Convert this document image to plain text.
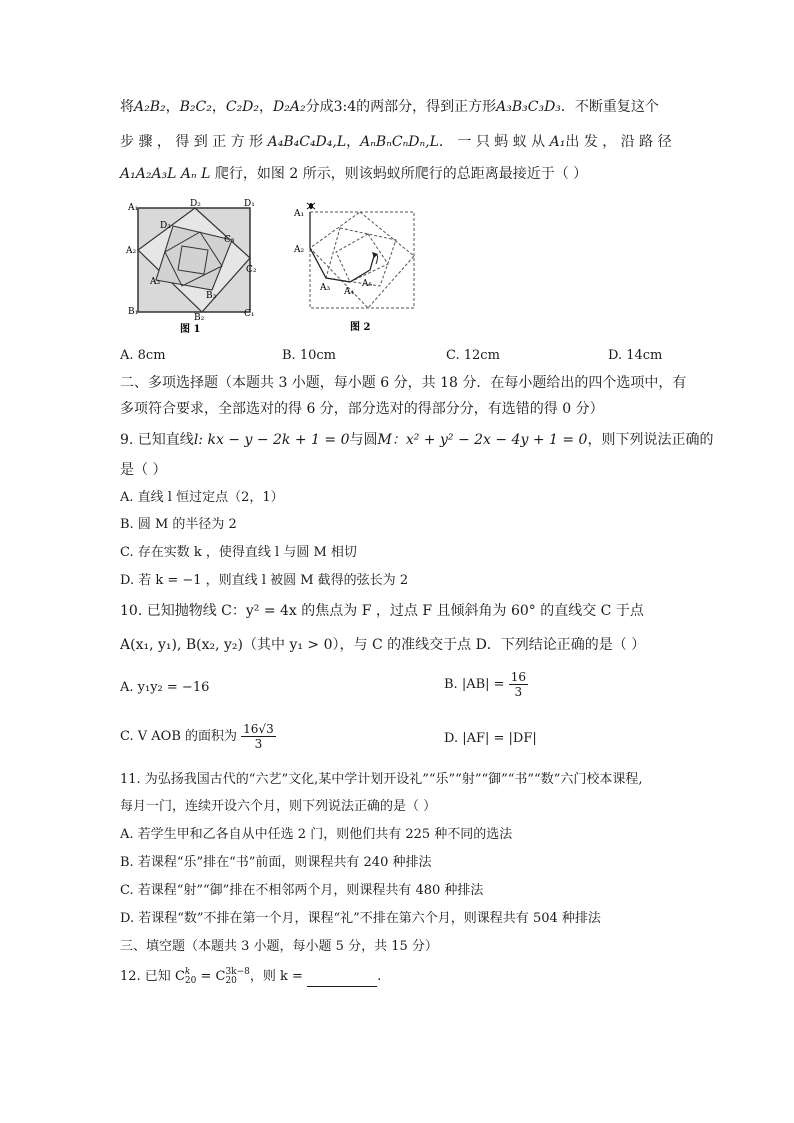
将A₂B₂，B₂C₂，C₂D₂，D₂A₂分成3:4的两部分，得到正方形A₃B₃C₃D₃．不断重复这个
步 骤 ， 得 到 正 方 形 A₄B₄C₄D₄,L，AₙBₙCₙDₙ,L． 一 只 蚂 蚁 从 A₁出 发 ， 沿 路 径
A₁A₂A₃L Aₙ L 爬行，如图 2 所示，则该蚂蚁所爬行的总距离最接近于（ ）
A₁	D₂	D₁
D₃
C₃
A₂
C₂
A₃
B₃
B₁
B₂	C₁
图 1
A₁
A₂
A₃ A₄
A₅
图 2
A. 8cm	B. 10cm	C. 12cm	D. 14cm
二、多项选择题（本题共 3 小题，每小题 6 分，共 18 分．在每小题给出的四个选项中，有
多项符合要求，全部选对的得 6 分，部分选对的得部分分，有选错的得 0 分）
9. 已知直线l: kx − y − 2k + 1 = 0与圆M：x² + y² − 2x − 4y + 1 = 0，则下列说法正确的
是（ ）
A. 直线 l 恒过定点（2，1）
B. 圆 M 的半径为 2
C. 存在实数 k ，使得直线 l 与圆 M 相切
D. 若 k = −1 ，则直线 l 被圆 M 截得的弦长为 2
10. 已知抛物线 C：y² = 4x 的焦点为 F ，过点 F 且倾斜角为 60° 的直线交 C 于点
A(x₁, y₁), B(x₂, y₂)（其中 y₁ > 0），与 C 的准线交于点 D．下列结论正确的是（ ）
A. y₁y₂ = −16	B. $|AB| = \frac{16}{3}$
C. V AOB 的面积为 $\frac{16√3}{3}$	D. |AF| = |DF|
11. 为弘扬我国古代的“六艺”文化,某中学计划开设礼”“乐”“射”“御”“书”“数”六门校本课程,
每月一门，连续开设六个月，则下列说法正确的是（ ）
A. 若学生甲和乙各自从中任选 2 门，则他们共有 225 种不同的选法
B. 若课程“乐”排在“书”前面，则课程共有 240 种排法
C. 若课程“射”“御”排在不相邻两个月，则课程共有 480 种排法
D. 若课程“数”不排在第一个月，课程“礼”不排在第六个月，则课程共有 504 种排法
三、填空题（本题共 3 小题，每小题 5 分，共 15 分）
12. 已知 C k
20 = C 3k−8
20	，则 k =	.
